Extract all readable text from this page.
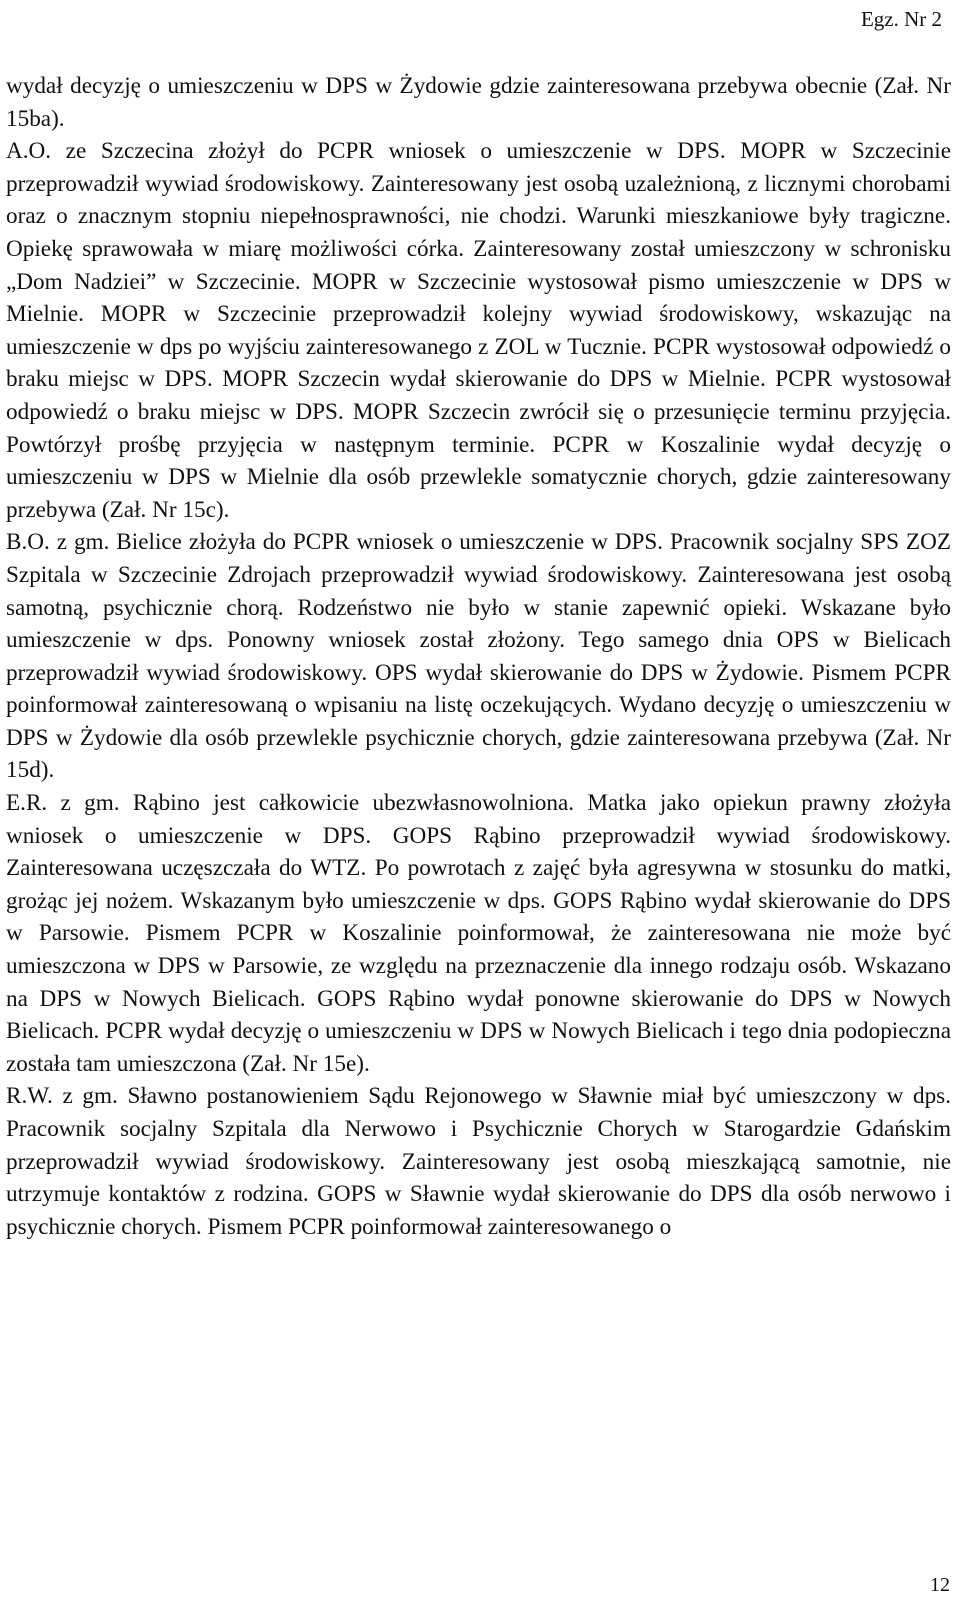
Egz. Nr 2

wydał decyzję o umieszczeniu w DPS w Żydowie gdzie zainteresowana przebywa obecnie (Zał. Nr 15ba).

A.O. ze Szczecina złożył do PCPR wniosek o umieszczenie w DPS. MOPR w Szczecinie przeprowadził wywiad środowiskowy. Zainteresowany jest osobą uzależnioną, z licznymi chorobami oraz o znacznym stopniu niepełnosprawności, nie chodzi. Warunki mieszkaniowe były tragiczne. Opiekę sprawowała w miarę możliwości córka. Zainteresowany został umieszczony w schronisku „Dom Nadziei” w Szczecinie. MOPR w Szczecinie wystosował pismo umieszczenie w DPS w Mielnie. MOPR w Szczecinie przeprowadził kolejny wywiad środowiskowy, wskazując na umieszczenie w dps po wyjściu zainteresowanego z ZOL w Tucznie. PCPR wystosował odpowiedź o braku miejsc w DPS. MOPR Szczecin wydał skierowanie do DPS w Mielnie. PCPR wystosował odpowiedź o braku miejsc w DPS. MOPR Szczecin zwrócił się o przesunięcie terminu przyjęcia. Powtórzył prośbę przyjęcia w następnym terminie. PCPR w Koszalinie wydał decyzję o umieszczeniu w DPS w Mielnie dla osób przewlekle somatycznie chorych, gdzie zainteresowany przebywa (Zał. Nr 15c).

B.O. z gm. Bielice złożyła do PCPR wniosek o umieszczenie w DPS. Pracownik socjalny SPS ZOZ Szpitala w Szczecinie Zdrojach przeprowadził wywiad środowiskowy. Zainteresowana jest osobą samotną, psychicznie chorą. Rodzeństwo nie było w stanie zapewnić opieki. Wskazane było umieszczenie w dps. Ponowny wniosek został złożony. Tego samego dnia OPS w Bielicach przeprowadził wywiad środowiskowy. OPS wydał skierowanie do DPS w Żydowie. Pismem PCPR poinformował zainteresowaną o wpisaniu na listę oczekujących. Wydano decyzję o umieszczeniu w DPS w Żydowie dla osób przewlekle psychicznie chorych, gdzie zainteresowana przebywa (Zał. Nr 15d).

E.R. z gm. Rąbino jest całkowicie ubezwłasnowolniona. Matka jako opiekun prawny złożyła wniosek o umieszczenie w DPS. GOPS Rąbino przeprowadził wywiad środowiskowy. Zainteresowana uczęszczała do WTZ. Po powrotach z zajęć była agresywna w stosunku do matki, grożąc jej nożem. Wskazanym było umieszczenie w dps. GOPS Rąbino wydał skierowanie do DPS w Parsowie. Pismem PCPR w Koszalinie poinformował, że zainteresowana nie może być umieszczona w DPS w Parsowie, ze względu na przeznaczenie dla innego rodzaju osób. Wskazano na DPS w Nowych Bielicach. GOPS Rąbino wydał ponowne skierowanie do DPS w Nowych Bielicach. PCPR wydał decyzję o umieszczeniu w DPS w Nowych Bielicach i tego dnia podopieczna została tam umieszczona (Zał. Nr 15e).

R.W. z gm. Sławno postanowieniem Sądu Rejonowego w Sławnie miał być umieszczony w dps. Pracownik socjalny Szpitala dla Nerwowo i Psychicznie Chorych w Starogardzie Gdańskim przeprowadził wywiad środowiskowy. Zainteresowany jest osobą mieszkającą samotnie, nie utrzymuje kontaktów z rodzina. GOPS w Sławnie wydał skierowanie do DPS dla osób nerwowo i psychicznie chorych. Pismem PCPR poinformował zainteresowanego o

12
